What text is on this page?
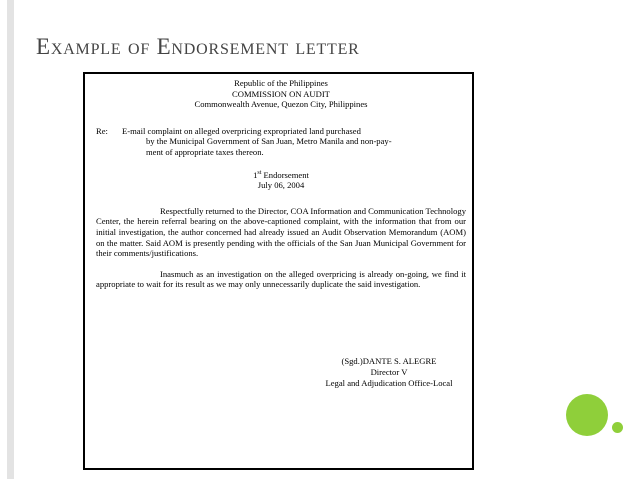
Example of Endorsement letter
Republic of the Philippines
COMMISSION ON AUDIT
Commonwealth Avenue, Quezon City, Philippines
Re:	E-mail complaint on alleged overpricing expropriated land purchased
by the Municipal Government of San Juan, Metro Manila and non-pay-
ment of appropriate taxes thereon.
1st Endorsement
July 06, 2004
Respectfully returned to the Director, COA Information and Communication Technology Center, the herein referral bearing on the above-captioned complaint, with the information that from our initial investigation, the author concerned had already issued an Audit Observation Memorandum (AOM) on the matter. Said AOM is presently pending with the officials of the San Juan Municipal Government for their comments/justifications.
Inasmuch as an investigation on the alleged overpricing is already on-going, we find it appropriate to wait for its result as we may only unnecessarily duplicate the said investigation.
(Sgd.)DANTE S. ALEGRE
Director V
Legal and Adjudication Office-Local
